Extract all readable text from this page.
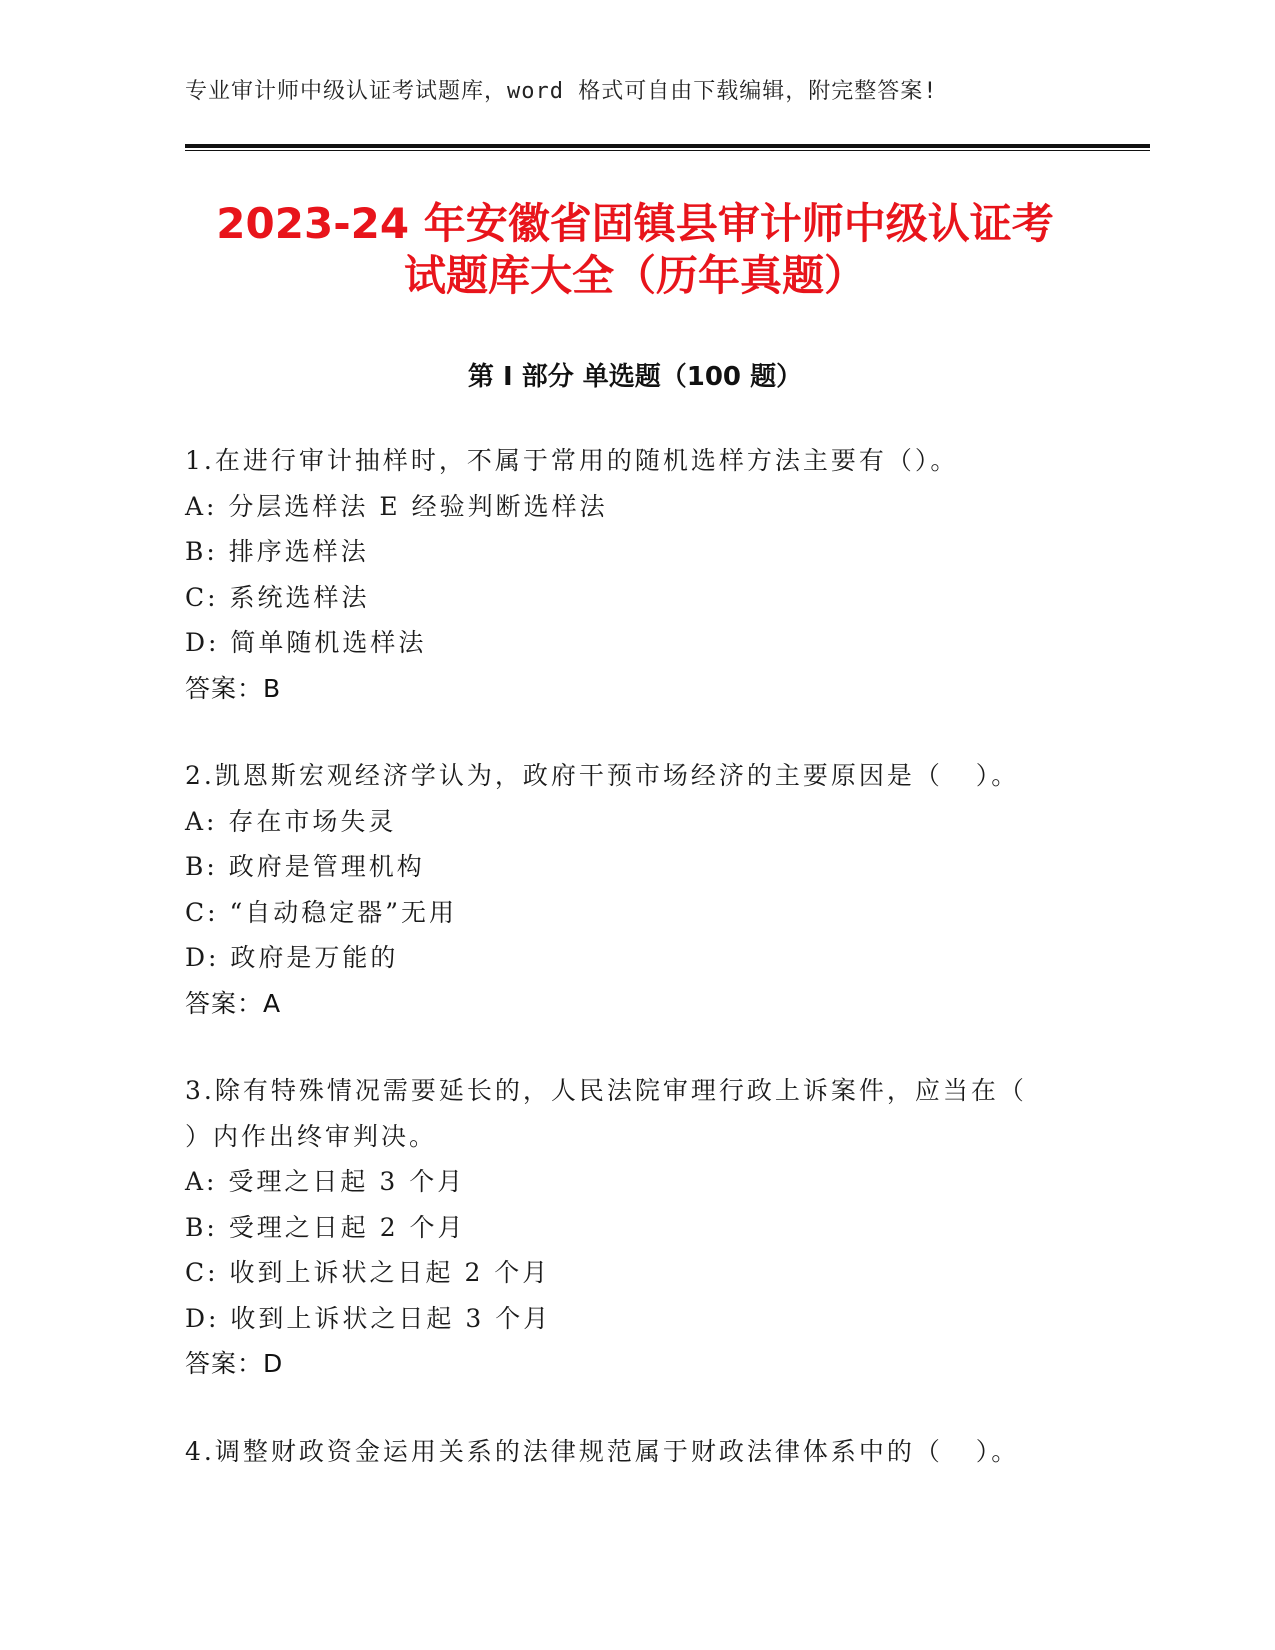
专业审计师中级认证考试题库，word 格式可自由下载编辑，附完整答案!
2023-24 年安徽省固镇县审计师中级认证考
试题库大全（历年真题）
第 I 部分 单选题（100 题）
1.在进行审计抽样时，不属于常用的随机选样方法主要有（）。
A: 分层选样法 E 经验判断选样法
B: 排序选样法
C: 系统选样法
D: 简单随机选样法
答案：B
2.凯恩斯宏观经济学认为，政府干预市场经济的主要原因是（   ）。
A: 存在市场失灵
B: 政府是管理机构
C: “自动稳定器”无用
D: 政府是万能的
答案：A
3.除有特殊情况需要延长的，人民法院审理行政上诉案件，应当在（
）内作出终审判决。
A: 受理之日起 3 个月
B: 受理之日起 2 个月
C: 收到上诉状之日起 2 个月
D: 收到上诉状之日起 3 个月
答案：D
4.调整财政资金运用关系的法律规范属于财政法律体系中的（   ）。
